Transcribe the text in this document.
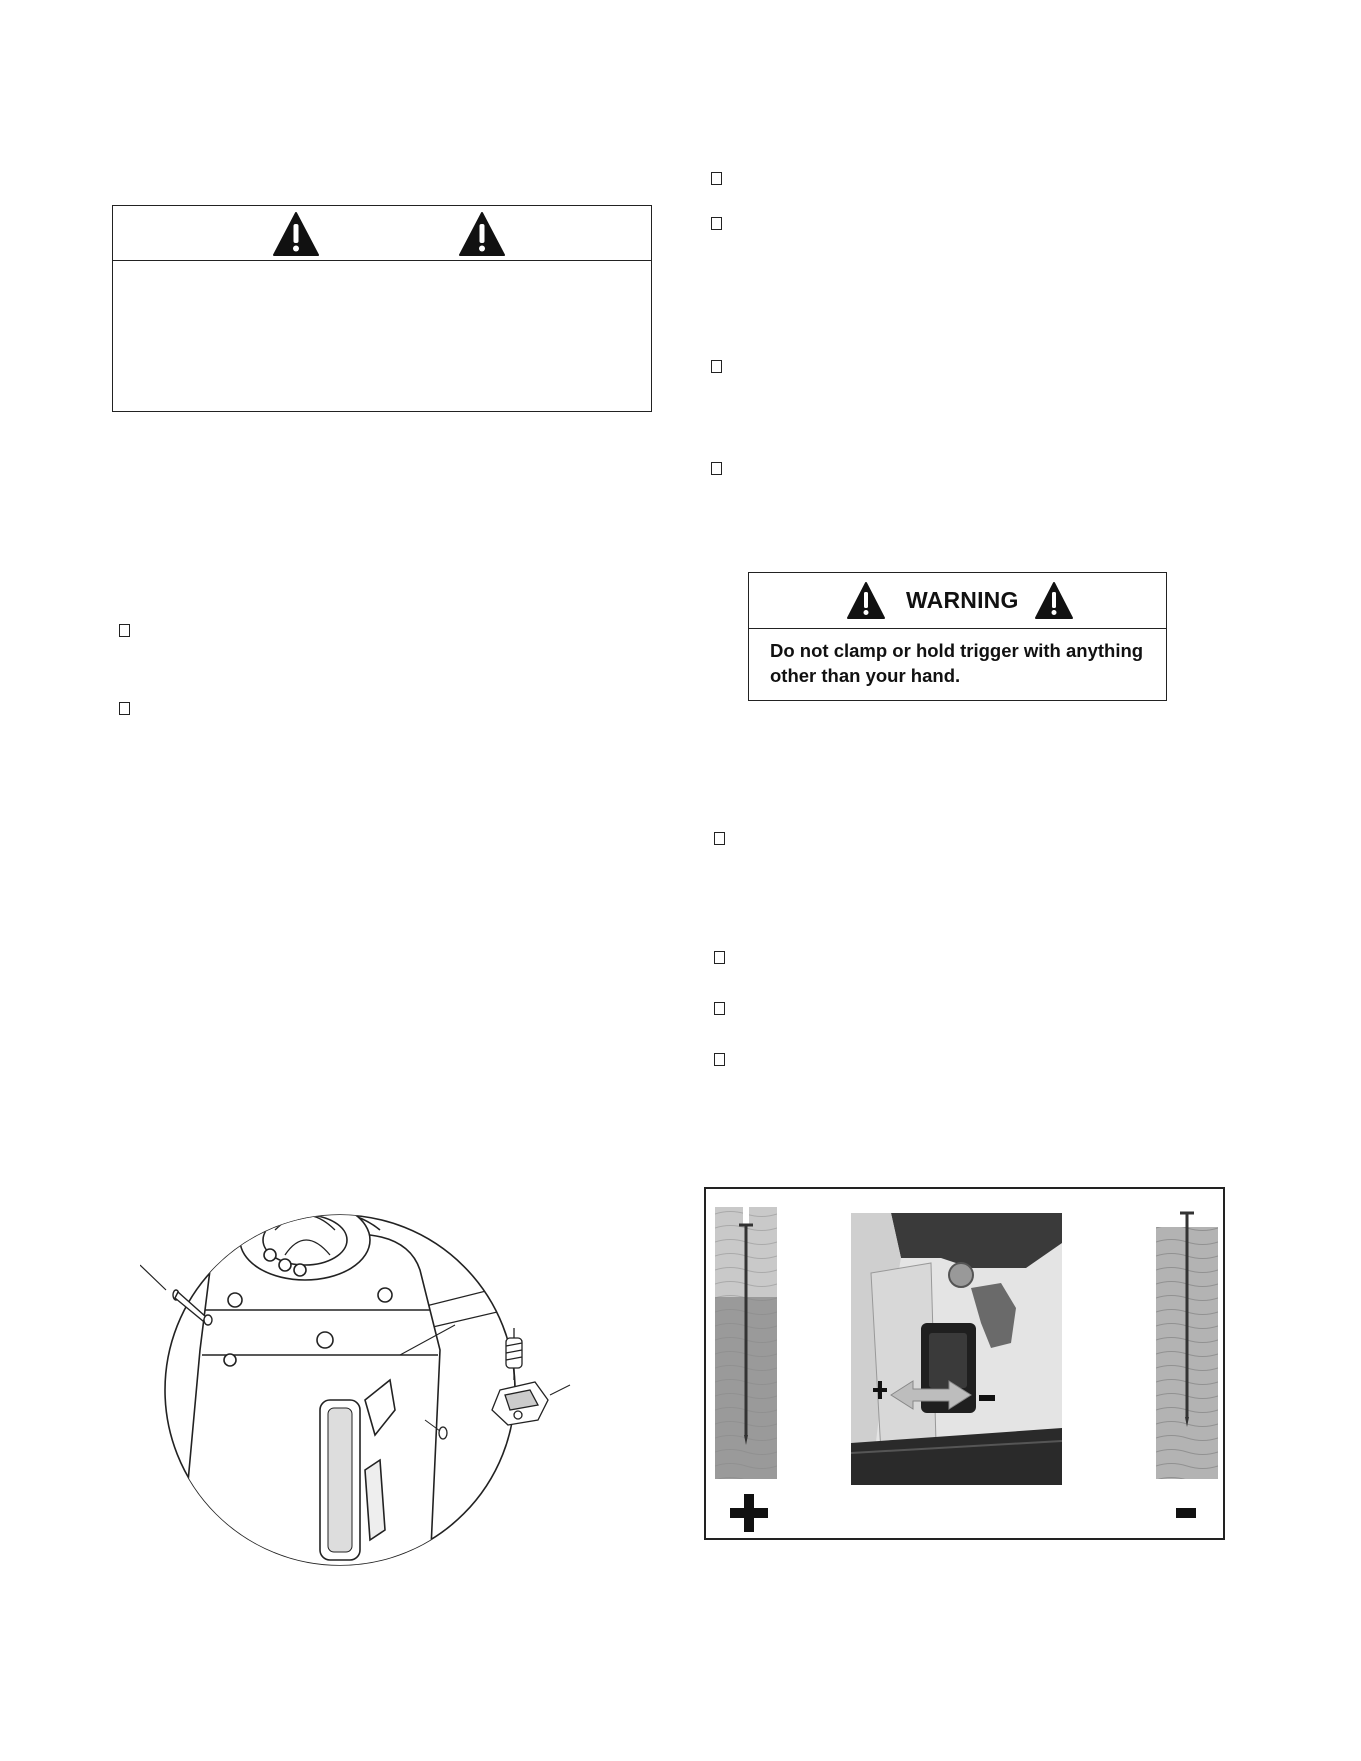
WARNING
Do not clamp or hold trigger with anything
other than your hand.
